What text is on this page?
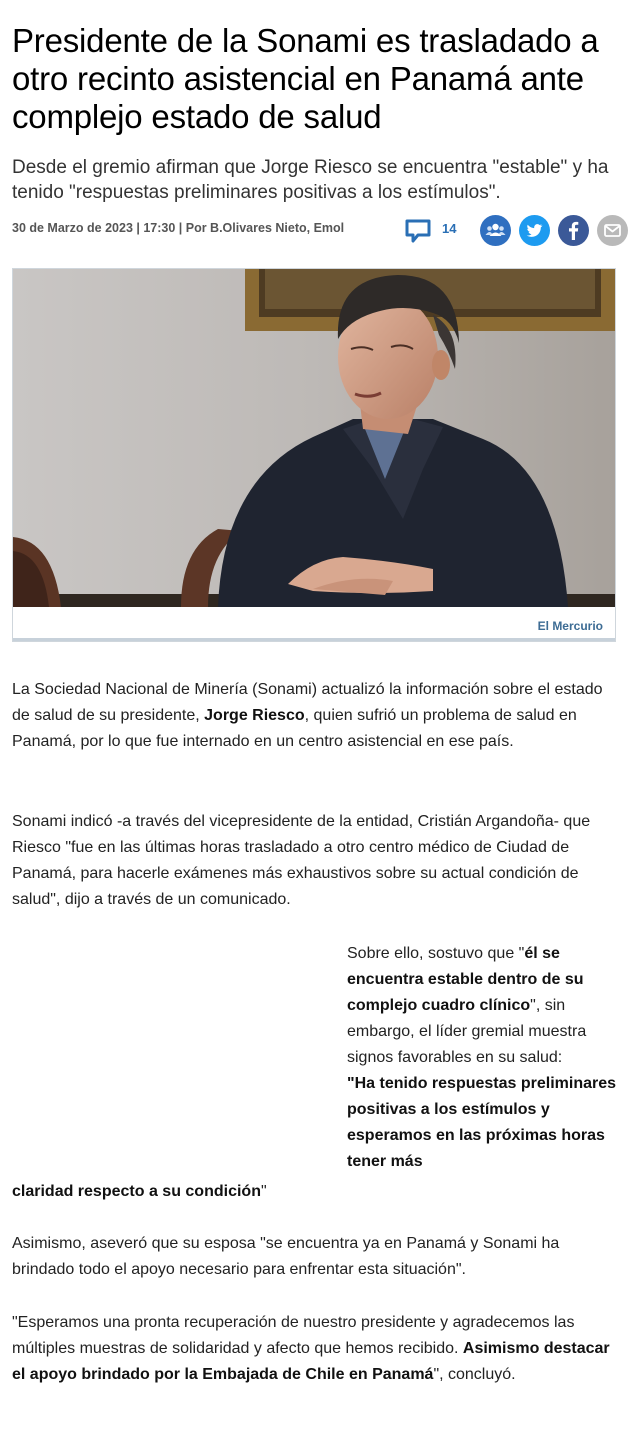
Presidente de la Sonami es trasladado a otro recinto asistencial en Panamá ante complejo estado de salud
Desde el gremio afirman que Jorge Riesco se encuentra "estable" y ha tenido "respuestas preliminares positivas a los estímulos".
30 de Marzo de 2023 | 17:30 | Por B.Olivares Nieto, Emol	14
El Mercurio

La Sociedad Nacional de Minería (Sonami) actualizó la información sobre el estado de salud de su presidente, Jorge Riesco, quien sufrió un problema de salud en Panamá, por lo que fue internado en un centro asistencial en ese país.

Sonami indicó -a través del vicepresidente de la entidad, Cristián Argandoña- que Riesco "fue en las últimas horas trasladado a otro centro médico de Ciudad de Panamá, para hacerle exámenes más exhaustivos sobre su actual condición de salud", dijo a través de un comunicado.

Sobre ello, sostuvo que "él se encuentra estable dentro de su complejo cuadro clínico", sin embargo, el líder gremial muestra signos favorables en su salud:
"Ha tenido respuestas preliminares positivas a los estímulos y esperamos en las próximas horas tener más

claridad respecto a su condición"

Asimismo, aseveró que su esposa "se encuentra ya en Panamá y Sonami ha brindado todo el apoyo necesario para enfrentar esta situación".

"Esperamos una pronta recuperación de nuestro presidente y agradecemos las múltiples muestras de solidaridad y afecto que hemos recibido. Asimismo destacar el apoyo brindado por la Embajada de Chile en Panamá", concluyó.
